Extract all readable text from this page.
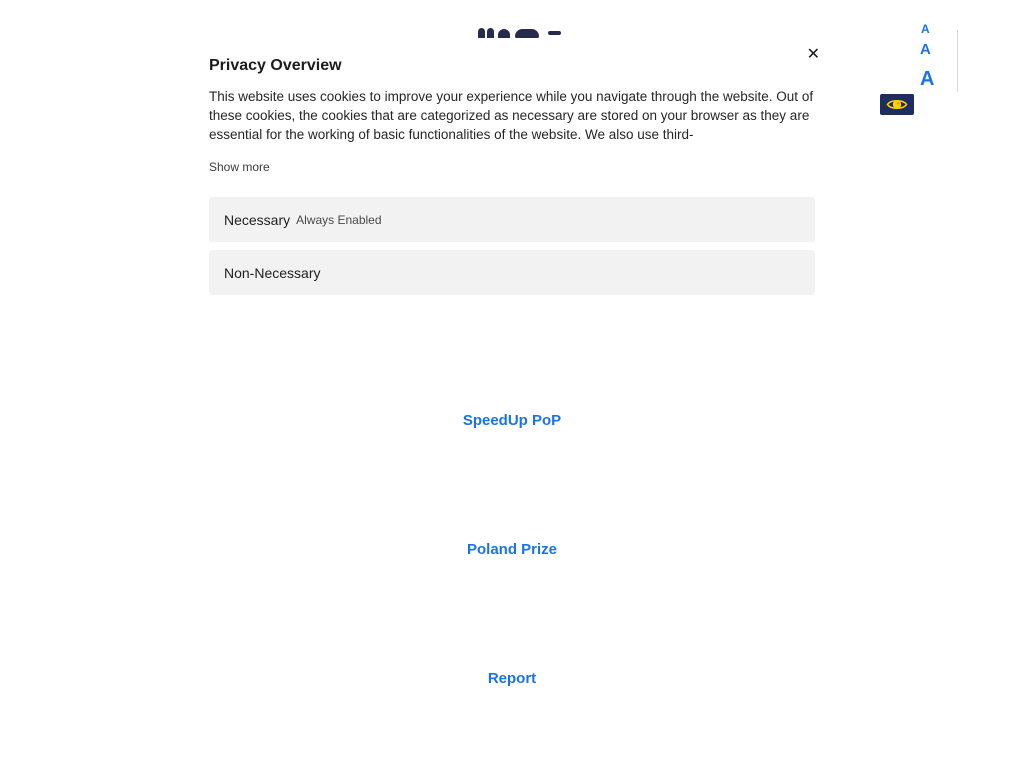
SpeedUp PoP
Poland Prize
Report
A
A
A
✕
Privacy Overview

This website uses cookies to improve your experience while you navigate through the website. Out of these cookies, the cookies that are categorized as necessary are stored on your browser as they are essential for the working of basic functionalities of the website. We also use third-

Show more
Necessary Always Enabled
Non-Necessary
